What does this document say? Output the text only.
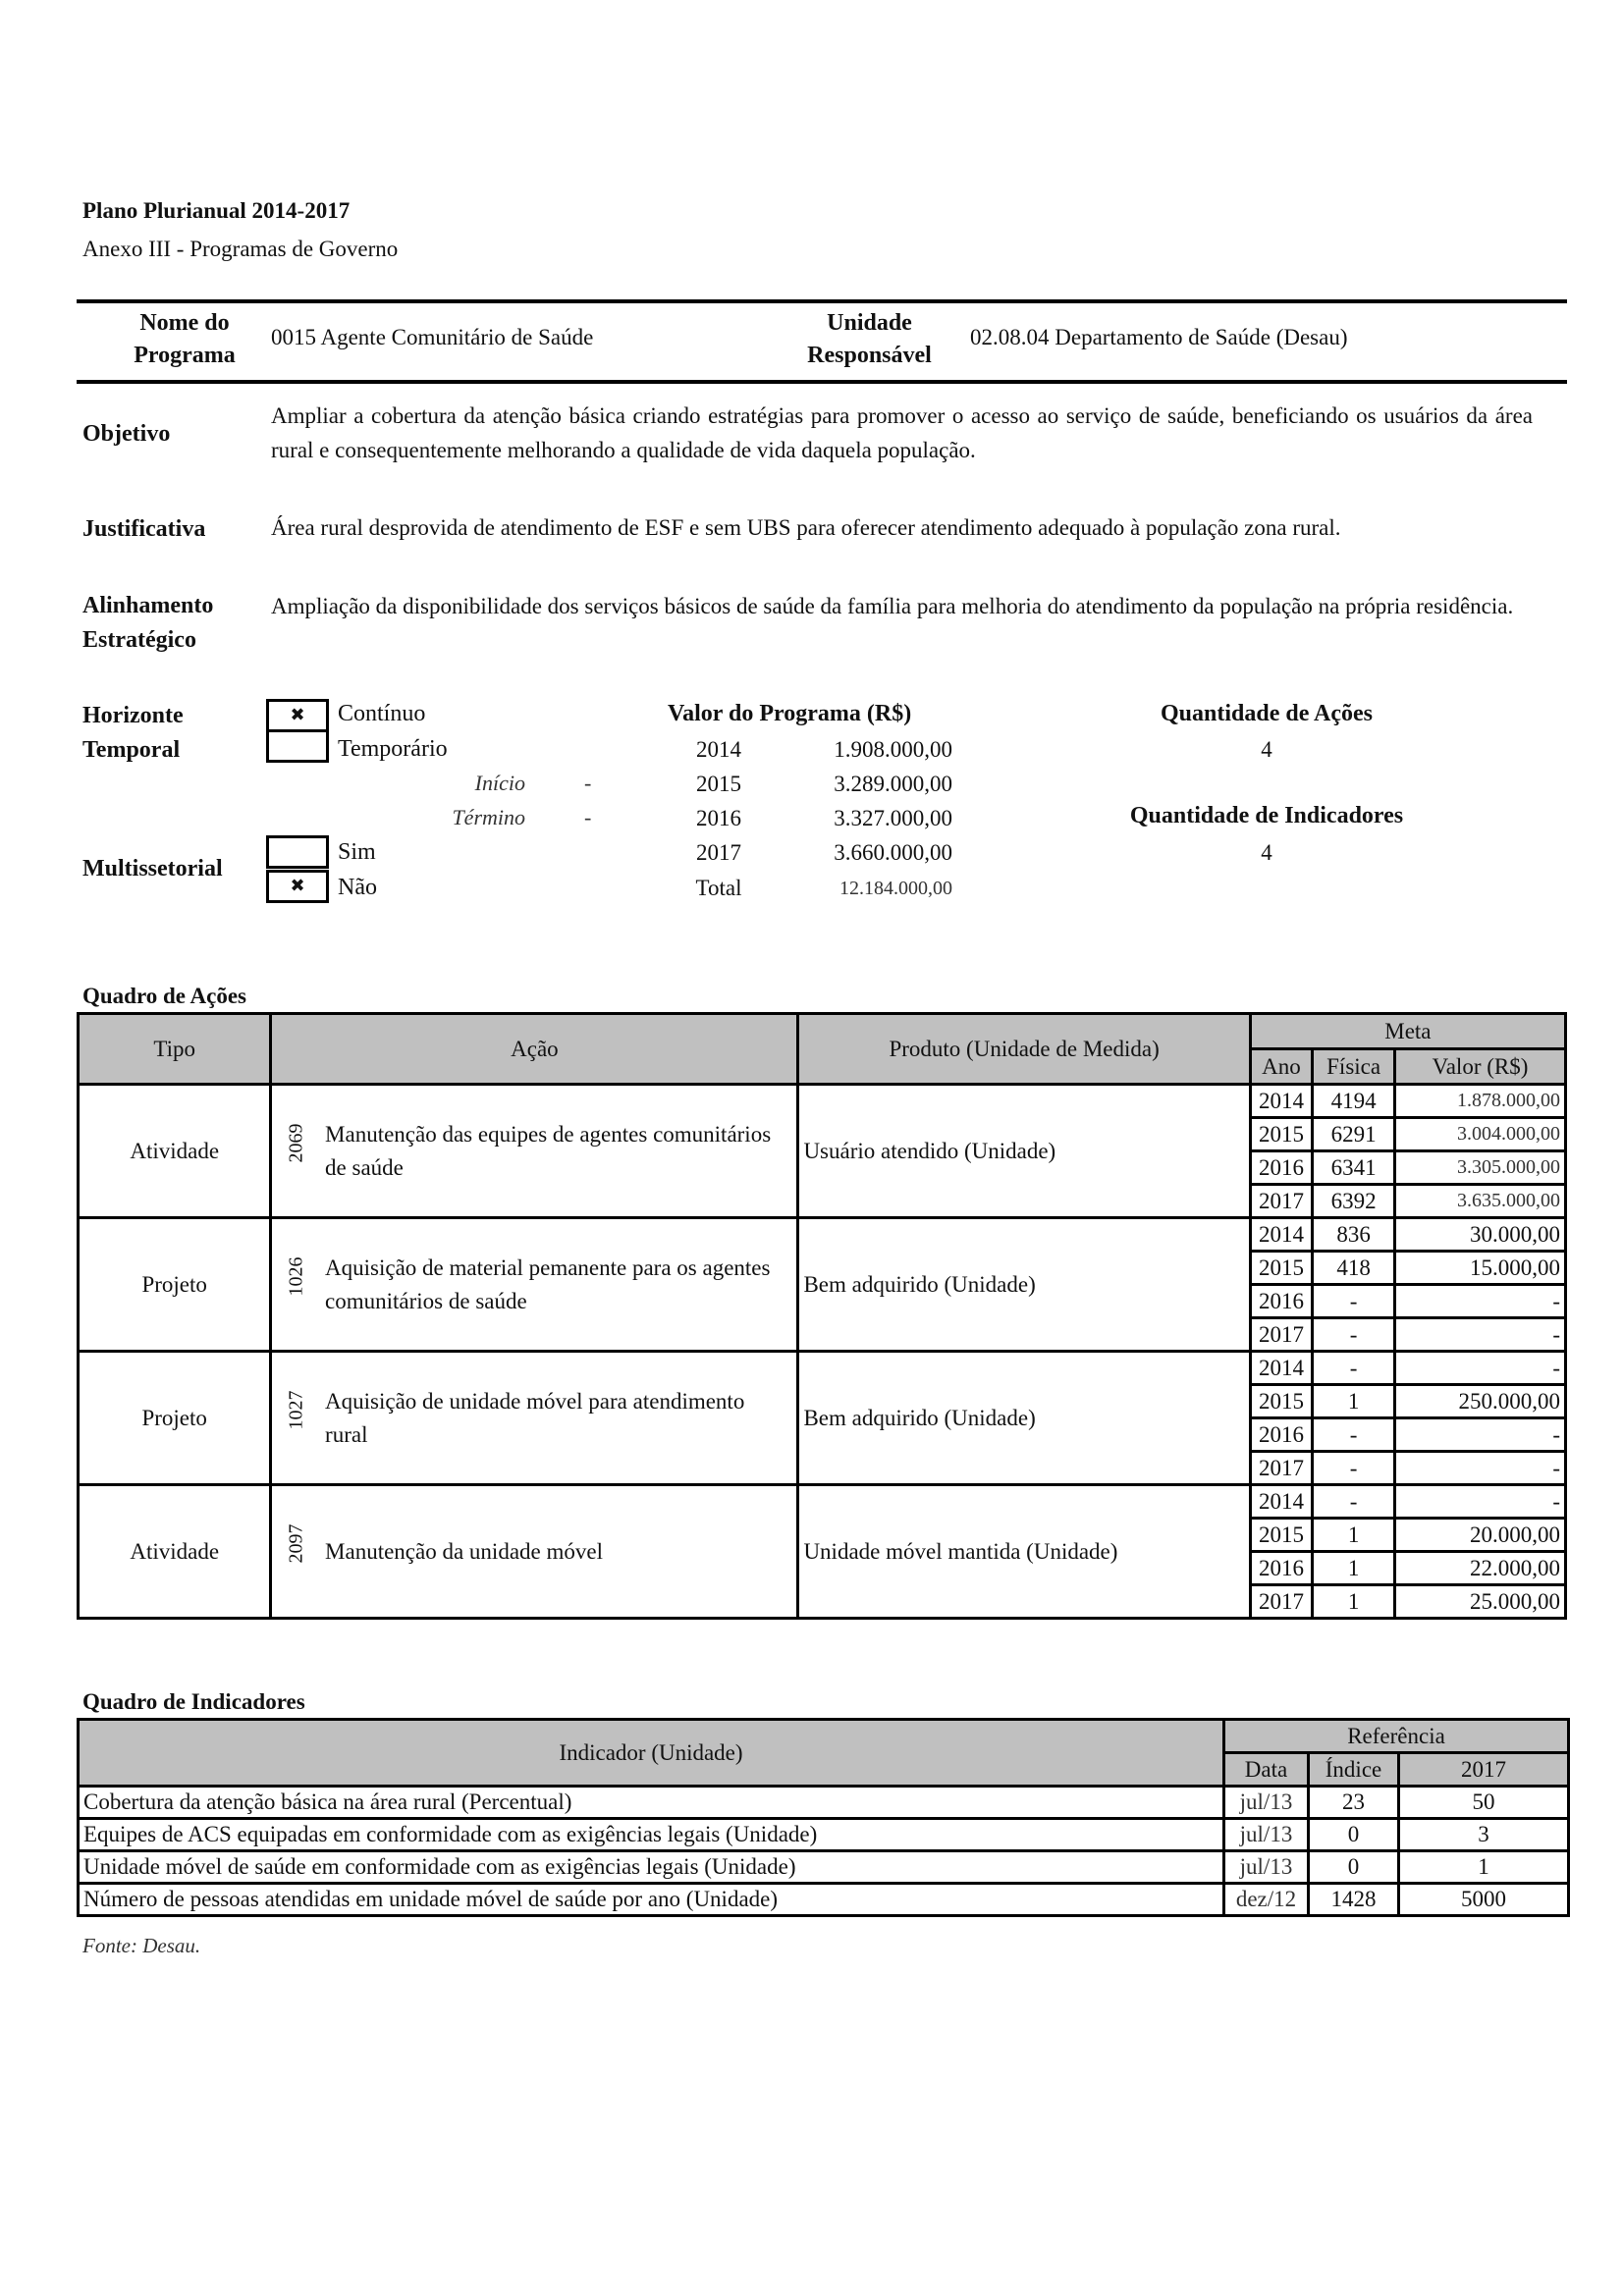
Plano Plurianual 2014-2017
Anexo III - Programas de Governo
Nome do
Programa
0015 Agente Comunitário de Saúde
Unidade
Responsável
02.08.04 Departamento de Saúde (Desau)
Objetivo
Ampliar a cobertura da atenção básica criando estratégias para promover o acesso ao serviço de saúde, beneficiando os usuários da área rural e consequentemente melhorando a qualidade de vida daquela população.
Justificativa	Área rural desprovida de atendimento de ESF e sem UBS para oferecer atendimento adequado à população zona rural.
Alinhamento
Estratégico
Ampliação da disponibilidade dos serviços básicos de saúde da família para melhoria do atendimento da população na própria residência.
Horizonte
Temporal
✖	Contínuo
Temporário
Início	-
Término	-
Multissetorial
Sim
✖	Não
Valor do Programa (R$)
2014	1.908.000,00
2015	3.289.000,00
2016	3.327.000,00
2017	3.660.000,00
Total	12.184.000,00
Quantidade de Ações
4
Quantidade de Indicadores
4
Quadro de Ações
Tipo	Ação		Produto (Unidade de Medida)	Meta		
				Ano	Física	Valor (R$)
Atividade	2069	Manutenção das equipes de agentes comunitários de saúde	Usuário atendido (Unidade)	2014	4194	1.878.000,00
				2015	6291	3.004.000,00
				2016	6341	3.305.000,00
				2017	6392	3.635.000,00
Projeto	1026	Aquisição de material pemanente para os agentes comunitários de saúde	Bem adquirido (Unidade)	2014	836	30.000,00
				2015	418	15.000,00
				2016	-	-
				2017	-	-
Projeto	1027	Aquisição de unidade móvel para atendimento rural	Bem adquirido (Unidade)	2014	-	-
				2015	1	250.000,00
				2016	-	-
				2017	-	-
Atividade	2097	Manutenção da unidade móvel	Unidade móvel mantida (Unidade)	2014	-	-
				2015	1	20.000,00
				2016	1	22.000,00
				2017	1	25.000,00
Quadro de Indicadores
Indicador (Unidade)	Referência		
	Data	Índice	2017
Cobertura da atenção básica na área rural (Percentual)	jul/13	23	50
Equipes de ACS equipadas em conformidade com as exigências legais (Unidade)	jul/13	0	3
Unidade móvel de saúde em conformidade com as exigências legais (Unidade)	jul/13	0	1
Número de pessoas atendidas em unidade móvel de saúde por ano (Unidade)	dez/12	1428	5000
Fonte: Desau.
